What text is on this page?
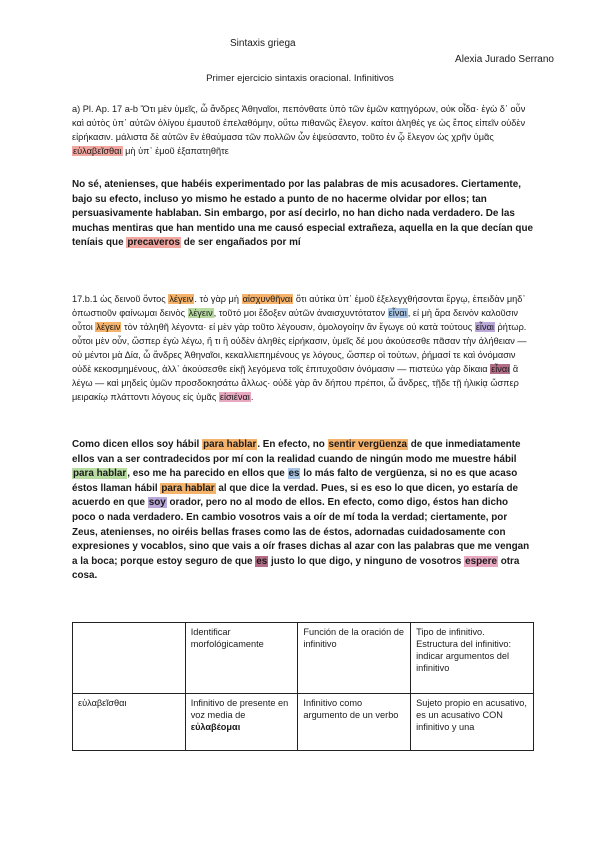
Sintaxis griega
Alexia Jurado Serrano
Primer ejercicio sintaxis oracional. Infinitivos
a) Pl. Ap. 17 a-b Ὅτι μὲν ὑμεῖς, ὦ ἄνδρες Ἀθηναῖοι, πεπόνθατε ὑπὸ τῶν ἐμῶν κατηγόρων, οὐκ οἶδα· ἐγὼ δ᾽ οὖν καὶ αὐτὸς ὑπ᾽ αὐτῶν ὀλίγου ἐμαυτοῦ ἐπελαθόμην, οὕτω πιθανῶς ἔλεγον. καίτοι ἀληθές γε ὡς ἔπος εἰπεῖν οὐδὲν εἰρήκασιν. μάλιστα δὲ αὐτῶν ἓν ἐθαύμασα τῶν πολλῶν ὧν ἐψεύσαντο, τοῦτο ἐν ᾧ ἔλεγον ὡς χρῆν ὑμᾶς εὐλαβεῖσθαι μὴ ὑπ᾽ ἐμοῦ ἐξαπατηθῆτε
No sé, atenienses, que habéis experimentado por las palabras de mis acusadores. Ciertamente, bajo su efecto, incluso yo mismo he estado a punto de no hacerme olvidar por ellos; tan persuasivamente hablaban. Sin embargo, por así decirlo, no han dicho nada verdadero. De las muchas mentiras que han mentido una me causó especial extrañeza, aquella en la que decían que teníais que precaveros de ser engañados por mí
17.b.1 ὡς δεινοῦ ὄντος λέγειν. τὸ γὰρ μὴ αἰσχυνθῆναι ὅτι αὐτίκα ὑπ᾽ ἐμοῦ ἐξελεγχθήσονται ἔργῳ, ἐπειδὰν μηδ᾽ ὁπωστιοῦν φαίνωμαι δεινὸς λέγειν, τοῦτό μοι ἔδοξεν αὐτῶν ἀναισχυντότατον εἶναι, εἰ μὴ ἄρα δεινὸν καλοῦσιν οὗτοι λέγειν τὸν τἀληθῆ λέγοντα· εἰ μὲν γὰρ τοῦτο λέγουσιν, ὁμολογοίην ἂν ἔγωγε οὐ κατὰ τούτους εἶναι ῥήτωρ. οὗτοι μὲν οὖν, ὥσπερ ἐγὼ λέγω, ἤ τι ἢ οὐδὲν ἀληθὲς εἰρήκασιν, ὑμεῖς δέ μου ἀκούσεσθε πᾶσαν τὴν ἀλήθειαν — οὐ μέντοι μὰ Δία, ὦ ἄνδρες Ἀθηναῖοι, κεκαλλιεπημένους γε λόγους, ὥσπερ οἱ τούτων, ῥήμασί τε καὶ ὀνόμασιν οὐδὲ κεκοσμημένους, ἀλλ᾽ ἀκούσεσθε εἰκῇ λεγόμενα τοῖς ἐπιτυχοῦσιν ὀνόμασιν — πιστεύω γὰρ δίκαια εἶναι ἃ λέγω — καὶ μηδεὶς ὑμῶν προσδοκησάτω ἄλλως· οὐδὲ γὰρ ἂν δήπου πρέποι, ὦ ἄνδρες, τῇδε τῇ ἡλικίᾳ ὥσπερ μειρακίῳ πλάττοντι λόγους εἰς ὑμᾶς εἰσιέναι.
Como dicen ellos soy hábil para hablar. En efecto, no sentir vergüenza de que inmediatamente ellos van a ser contradecidos por mí con la realidad cuando de ningún modo me muestre hábil para hablar, eso me ha parecido en ellos que es lo más falto de vergüenza, si no es que acaso éstos llaman hábil para hablar al que dice la verdad. Pues, si es eso lo que dicen, yo estaría de acuerdo en que soy orador, pero no al modo de ellos. En efecto, como digo, éstos han dicho poco o nada verdadero. En cambio vosotros vais a oír de mí toda la verdad; ciertamente, por Zeus, atenienses, no oiréis bellas frases como las de éstos, adornadas cuidadosamente con expresiones y vocablos, sino que vais a oír frases dichas al azar con las palabras que me vengan a la boca; porque estoy seguro de que es justo lo que digo, y ninguno de vosotros espere otra cosa.
	Identificar morfológicamente	Función de la oración de infinitivo	Tipo de infinitivo. Estructura del infinitivo: indicar argumentos del infinitivo
εὐλαβεῖσθαι	Infinitivo de presente en voz media de εὐλαβέομαι	Infinitivo como argumento de un verbo	Sujeto propio en acusativo, es un acusativo CON infinitivo y una
